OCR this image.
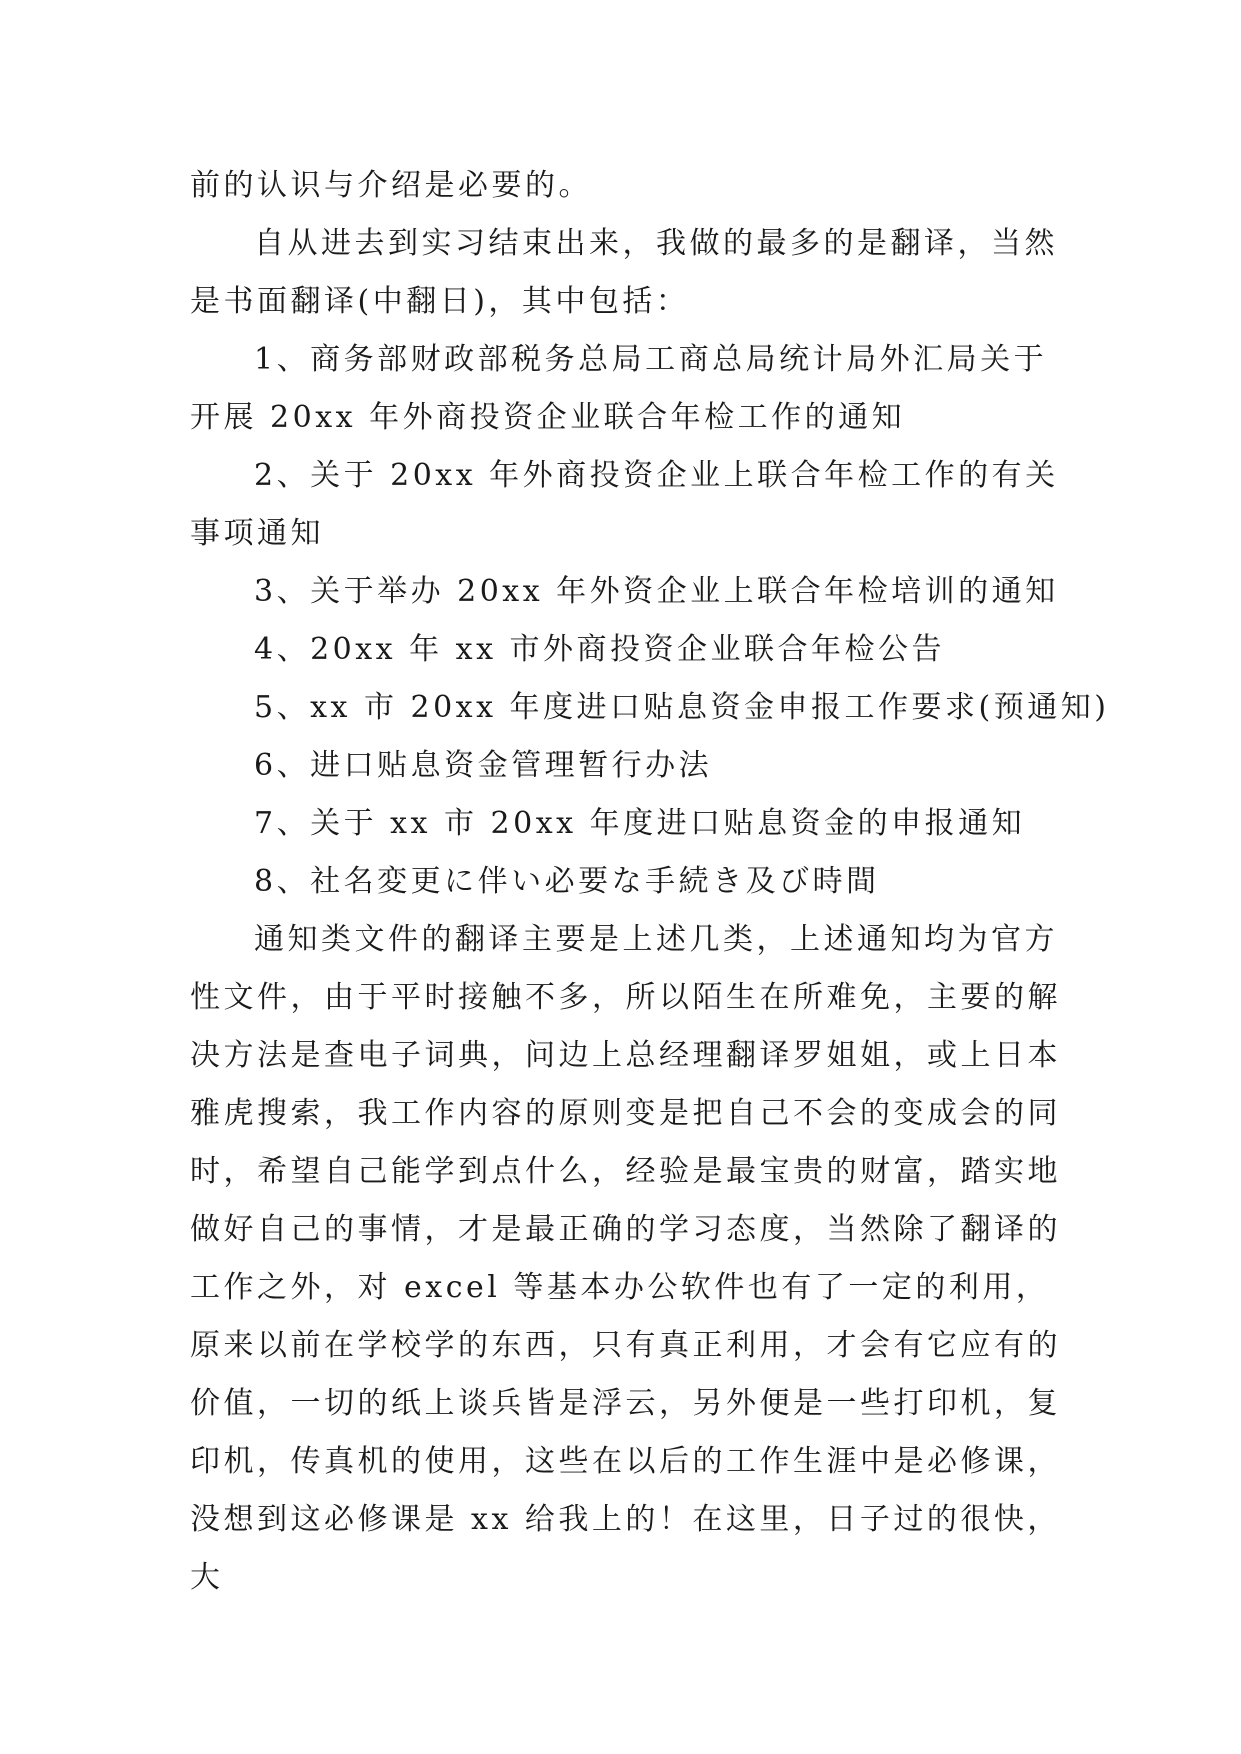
前的认识与介绍是必要的。

自从进去到实习结束出来，我做的最多的是翻译，当然是书面翻译(中翻日)，其中包括：

1、商务部财政部税务总局工商总局统计局外汇局关于开展 20xx 年外商投资企业联合年检工作的通知

2、关于 20xx 年外商投资企业上联合年检工作的有关事项通知

3、关于举办 20xx 年外资企业上联合年检培训的通知

4、20xx 年 xx 市外商投资企业联合年检公告

5、xx 市 20xx 年度进口贴息资金申报工作要求(预通知)

6、进口贴息资金管理暂行办法

7、关于 xx 市 20xx 年度进口贴息资金的申报通知

8、社名変更に伴い必要な手続き及び時間

通知类文件的翻译主要是上述几类，上述通知均为官方性文件，由于平时接触不多，所以陌生在所难免，主要的解决方法是查电子词典，问边上总经理翻译罗姐姐，或上日本雅虎搜索，我工作内容的原则变是把自己不会的变成会的同时，希望自己能学到点什么，经验是最宝贵的财富，踏实地做好自己的事情，才是最正确的学习态度，当然除了翻译的工作之外，对 excel 等基本办公软件也有了一定的利用，原来以前在学校学的东西，只有真正利用，才会有它应有的价值，一切的纸上谈兵皆是浮云，另外便是一些打印机，复印机，传真机的使用，这些在以后的工作生涯中是必修课，没想到这必修课是 xx 给我上的！在这里，日子过的很快，大
